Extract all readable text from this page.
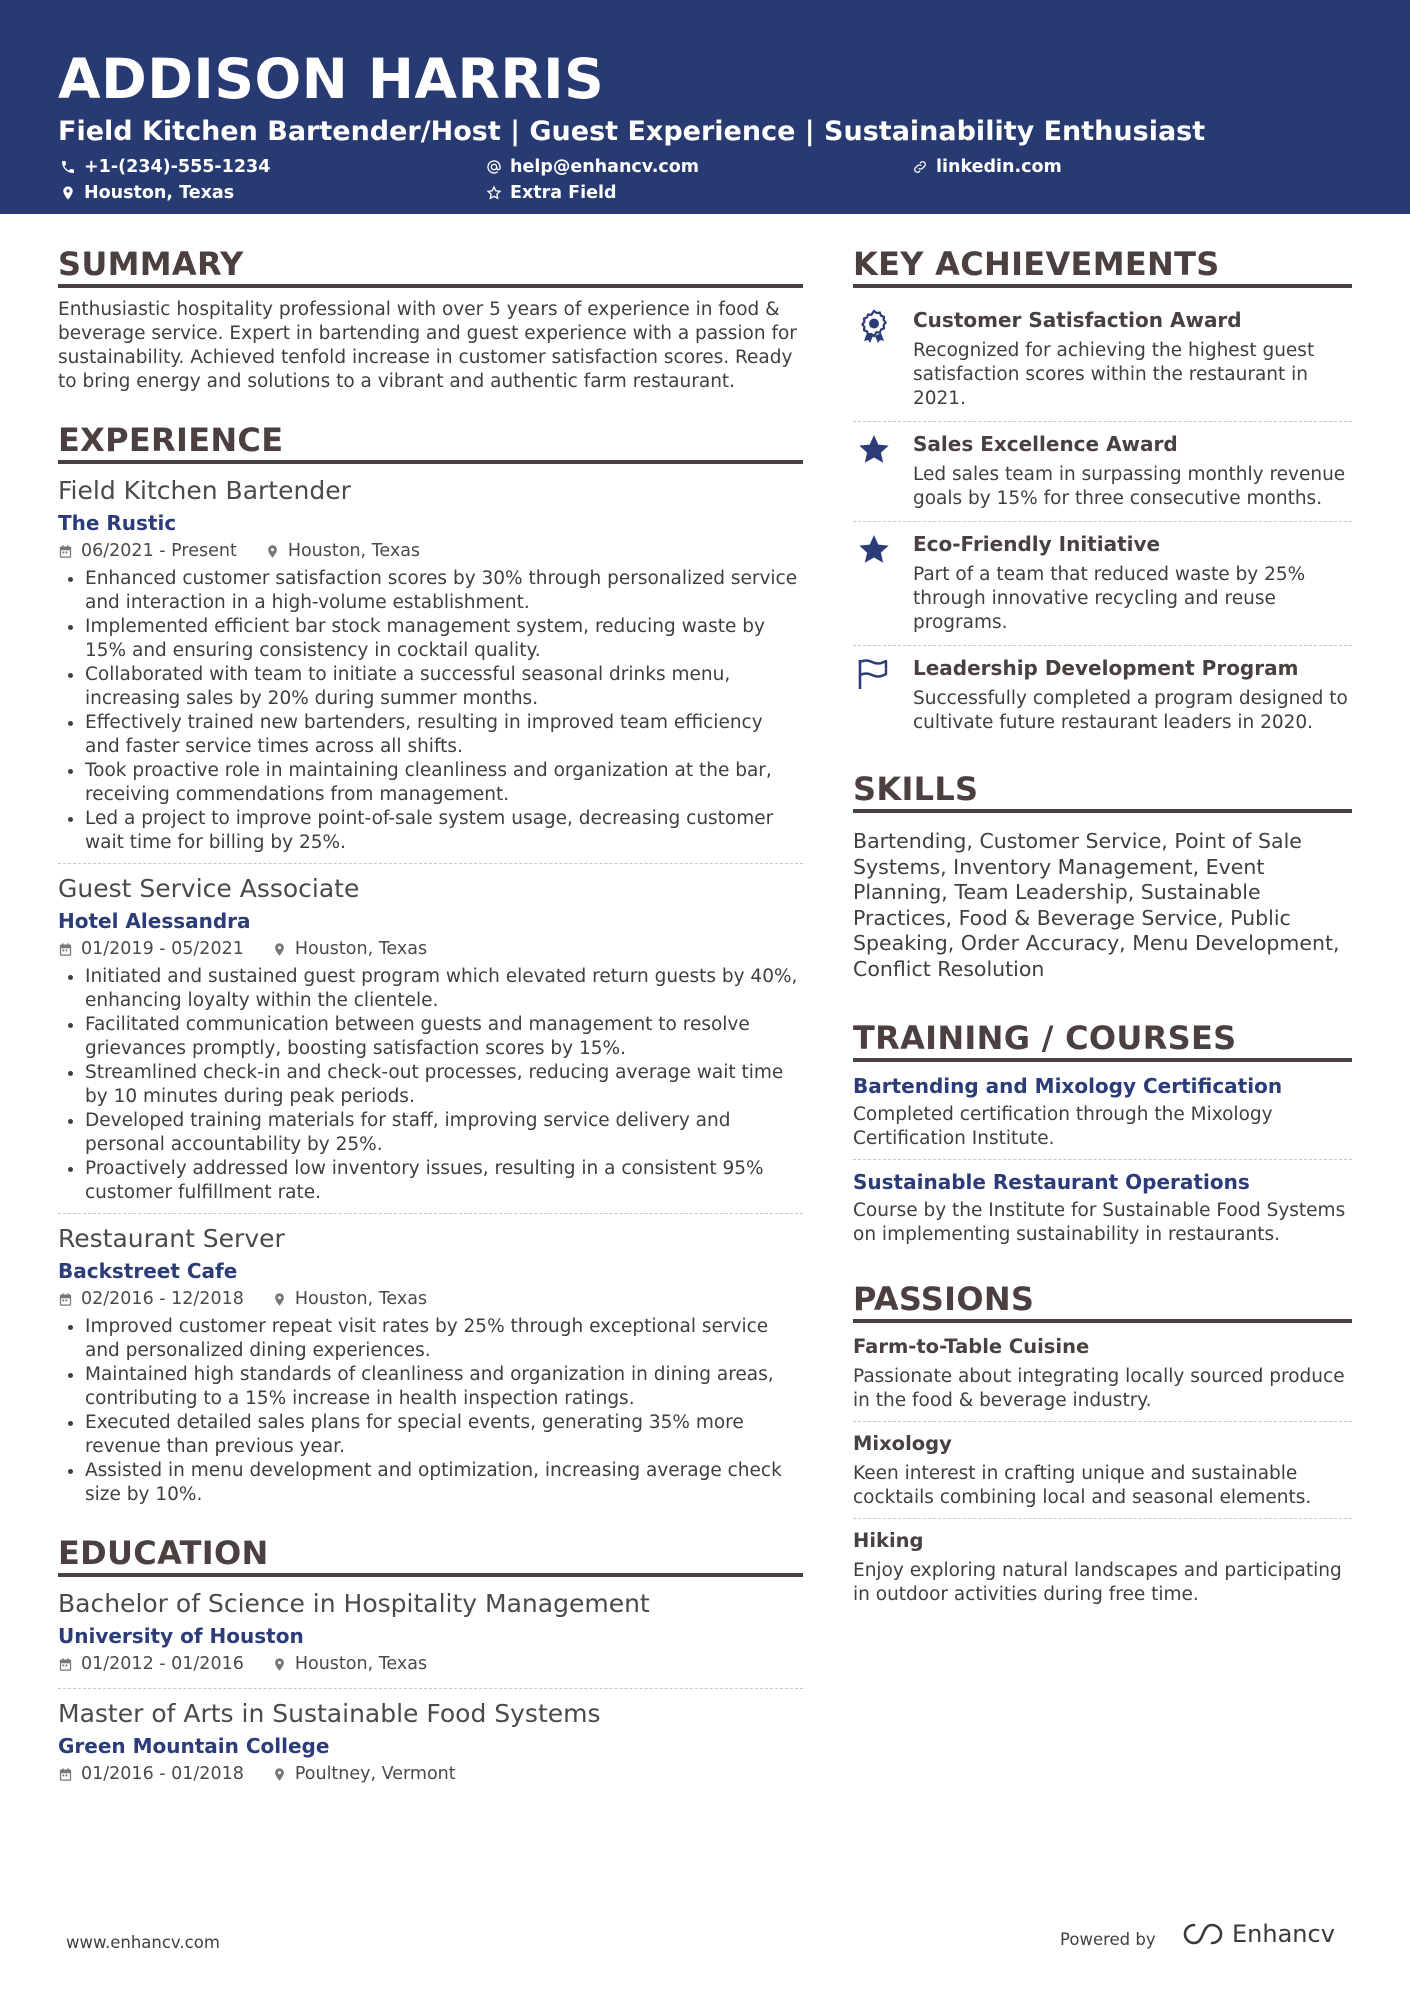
ADDISON HARRIS
Field Kitchen Bartender/Host | Guest Experience | Sustainability Enthusiast
+1-(234)-555-1234	help@enhancv.com	linkedin.com
Houston, Texas	Extra Field
SUMMARY
Enthusiastic hospitality professional with over 5 years of experience in food & beverage service. Expert in bartending and guest experience with a passion for sustainability. Achieved tenfold increase in customer satisfaction scores. Ready to bring energy and solutions to a vibrant and authentic farm restaurant.
EXPERIENCE
Field Kitchen Bartender
The Rustic
06/2021 - Present	Houston, Texas
Enhanced customer satisfaction scores by 30% through personalized service and interaction in a high-volume establishment.
Implemented efficient bar stock management system, reducing waste by 15% and ensuring consistency in cocktail quality.
Collaborated with team to initiate a successful seasonal drinks menu, increasing sales by 20% during summer months.
Effectively trained new bartenders, resulting in improved team efficiency and faster service times across all shifts.
Took proactive role in maintaining cleanliness and organization at the bar, receiving commendations from management.
Led a project to improve point-of-sale system usage, decreasing customer wait time for billing by 25%.
Guest Service Associate
Hotel Alessandra
01/2019 - 05/2021	Houston, Texas
Initiated and sustained guest program which elevated return guests by 40%, enhancing loyalty within the clientele.
Facilitated communication between guests and management to resolve grievances promptly, boosting satisfaction scores by 15%.
Streamlined check-in and check-out processes, reducing average wait time by 10 minutes during peak periods.
Developed training materials for staff, improving service delivery and personal accountability by 25%.
Proactively addressed low inventory issues, resulting in a consistent 95% customer fulfillment rate.
Restaurant Server
Backstreet Cafe
02/2016 - 12/2018	Houston, Texas
Improved customer repeat visit rates by 25% through exceptional service and personalized dining experiences.
Maintained high standards of cleanliness and organization in dining areas, contributing to a 15% increase in health inspection ratings.
Executed detailed sales plans for special events, generating 35% more revenue than previous year.
Assisted in menu development and optimization, increasing average check size by 10%.
EDUCATION
Bachelor of Science in Hospitality Management
University of Houston
01/2012 - 01/2016	Houston, Texas
Master of Arts in Sustainable Food Systems
Green Mountain College
01/2016 - 01/2018	Poultney, Vermont
KEY ACHIEVEMENTS
Customer Satisfaction Award
Recognized for achieving the highest guest satisfaction scores within the restaurant in 2021.
Sales Excellence Award
Led sales team in surpassing monthly revenue goals by 15% for three consecutive months.
Eco-Friendly Initiative
Part of a team that reduced waste by 25% through innovative recycling and reuse programs.
Leadership Development Program
Successfully completed a program designed to cultivate future restaurant leaders in 2020.
SKILLS
Bartending, Customer Service, Point of Sale Systems, Inventory Management, Event Planning, Team Leadership, Sustainable Practices, Food & Beverage Service, Public Speaking, Order Accuracy, Menu Development, Conflict Resolution
TRAINING / COURSES
Bartending and Mixology Certification
Completed certification through the Mixology Certification Institute.
Sustainable Restaurant Operations
Course by the Institute for Sustainable Food Systems on implementing sustainability in restaurants.
PASSIONS
Farm-to-Table Cuisine
Passionate about integrating locally sourced produce in the food & beverage industry.
Mixology
Keen interest in crafting unique and sustainable cocktails combining local and seasonal elements.
Hiking
Enjoy exploring natural landscapes and participating in outdoor activities during free time.
www.enhancv.com	Powered by	Enhancv
